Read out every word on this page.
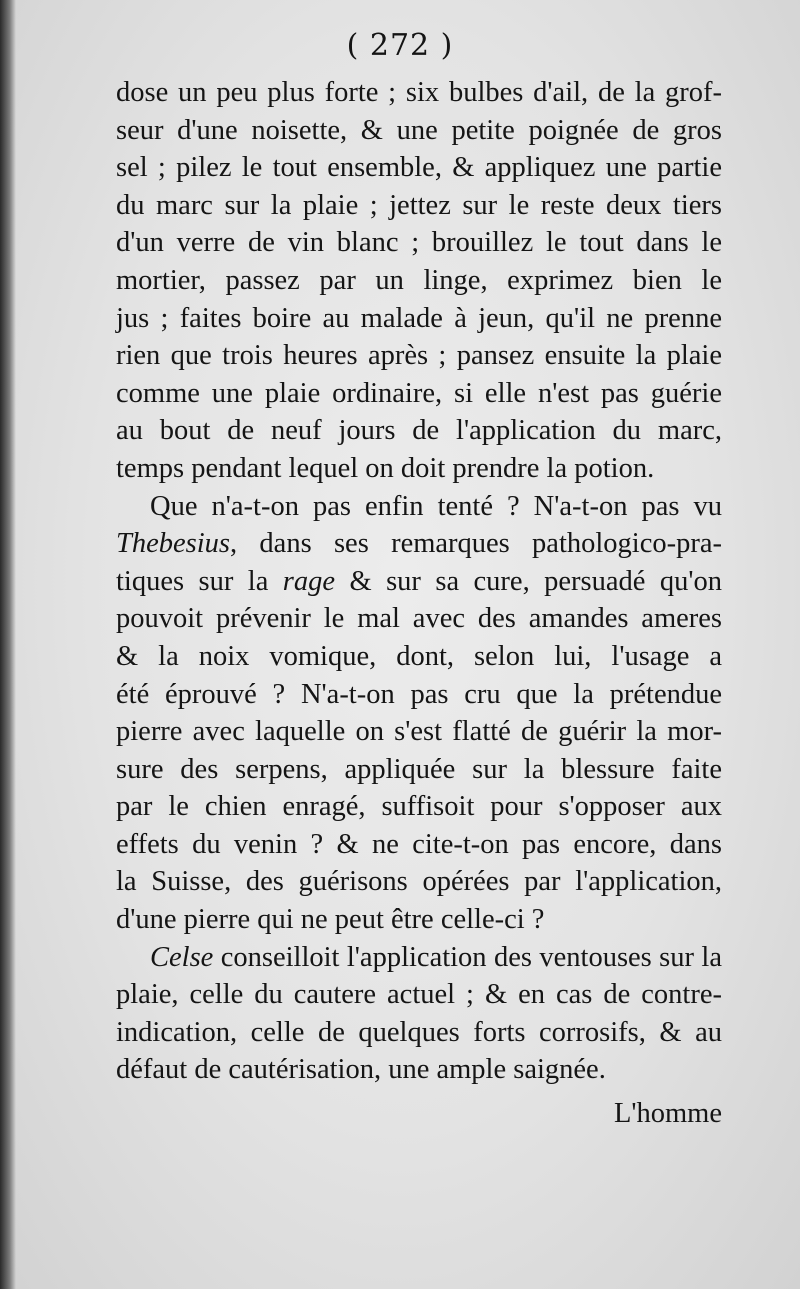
( 272 )
dose un peu plus forte ; six bulbes d'ail, de la grof-
seur d'une noisette, & une petite poignée de gros
sel ; pilez le tout ensemble, & appliquez une partie
du marc sur la plaie ; jettez sur le reste deux tiers
d'un verre de vin blanc ; brouillez le tout dans le
mortier, passez par un linge, exprimez bien le
jus ; faites boire au malade à jeun, qu'il ne prenne
rien que trois heures après ; pansez ensuite la plaie
comme une plaie ordinaire, si elle n'est pas guérie
au bout de neuf jours de l'application du marc,
temps pendant lequel on doit prendre la potion.
Que n'a-t-on pas enfin tenté ? N'a-t-on pas vu
Thebesius, dans ses remarques pathologico-pra-
tiques sur la rage & sur sa cure, persuadé qu'on
pouvoit prévenir le mal avec des amandes ameres
& la noix vomique, dont, selon lui, l'usage a
été éprouvé ? N'a-t-on pas cru que la prétendue
pierre avec laquelle on s'est flatté de guérir la mor-
sure des serpens, appliquée sur la blessure faite
par le chien enragé, suffisoit pour s'opposer aux
effets du venin ? & ne cite-t-on pas encore, dans
la Suisse, des guérisons opérées par l'application,
d'une pierre qui ne peut être celle-ci ?
Celse conseilloit l'application des ventouses sur la
plaie, celle du cautere actuel ; & en cas de contre-
indication, celle de quelques forts corrosifs, & au
défaut de cautérisation, une ample saignée.
L'homme
